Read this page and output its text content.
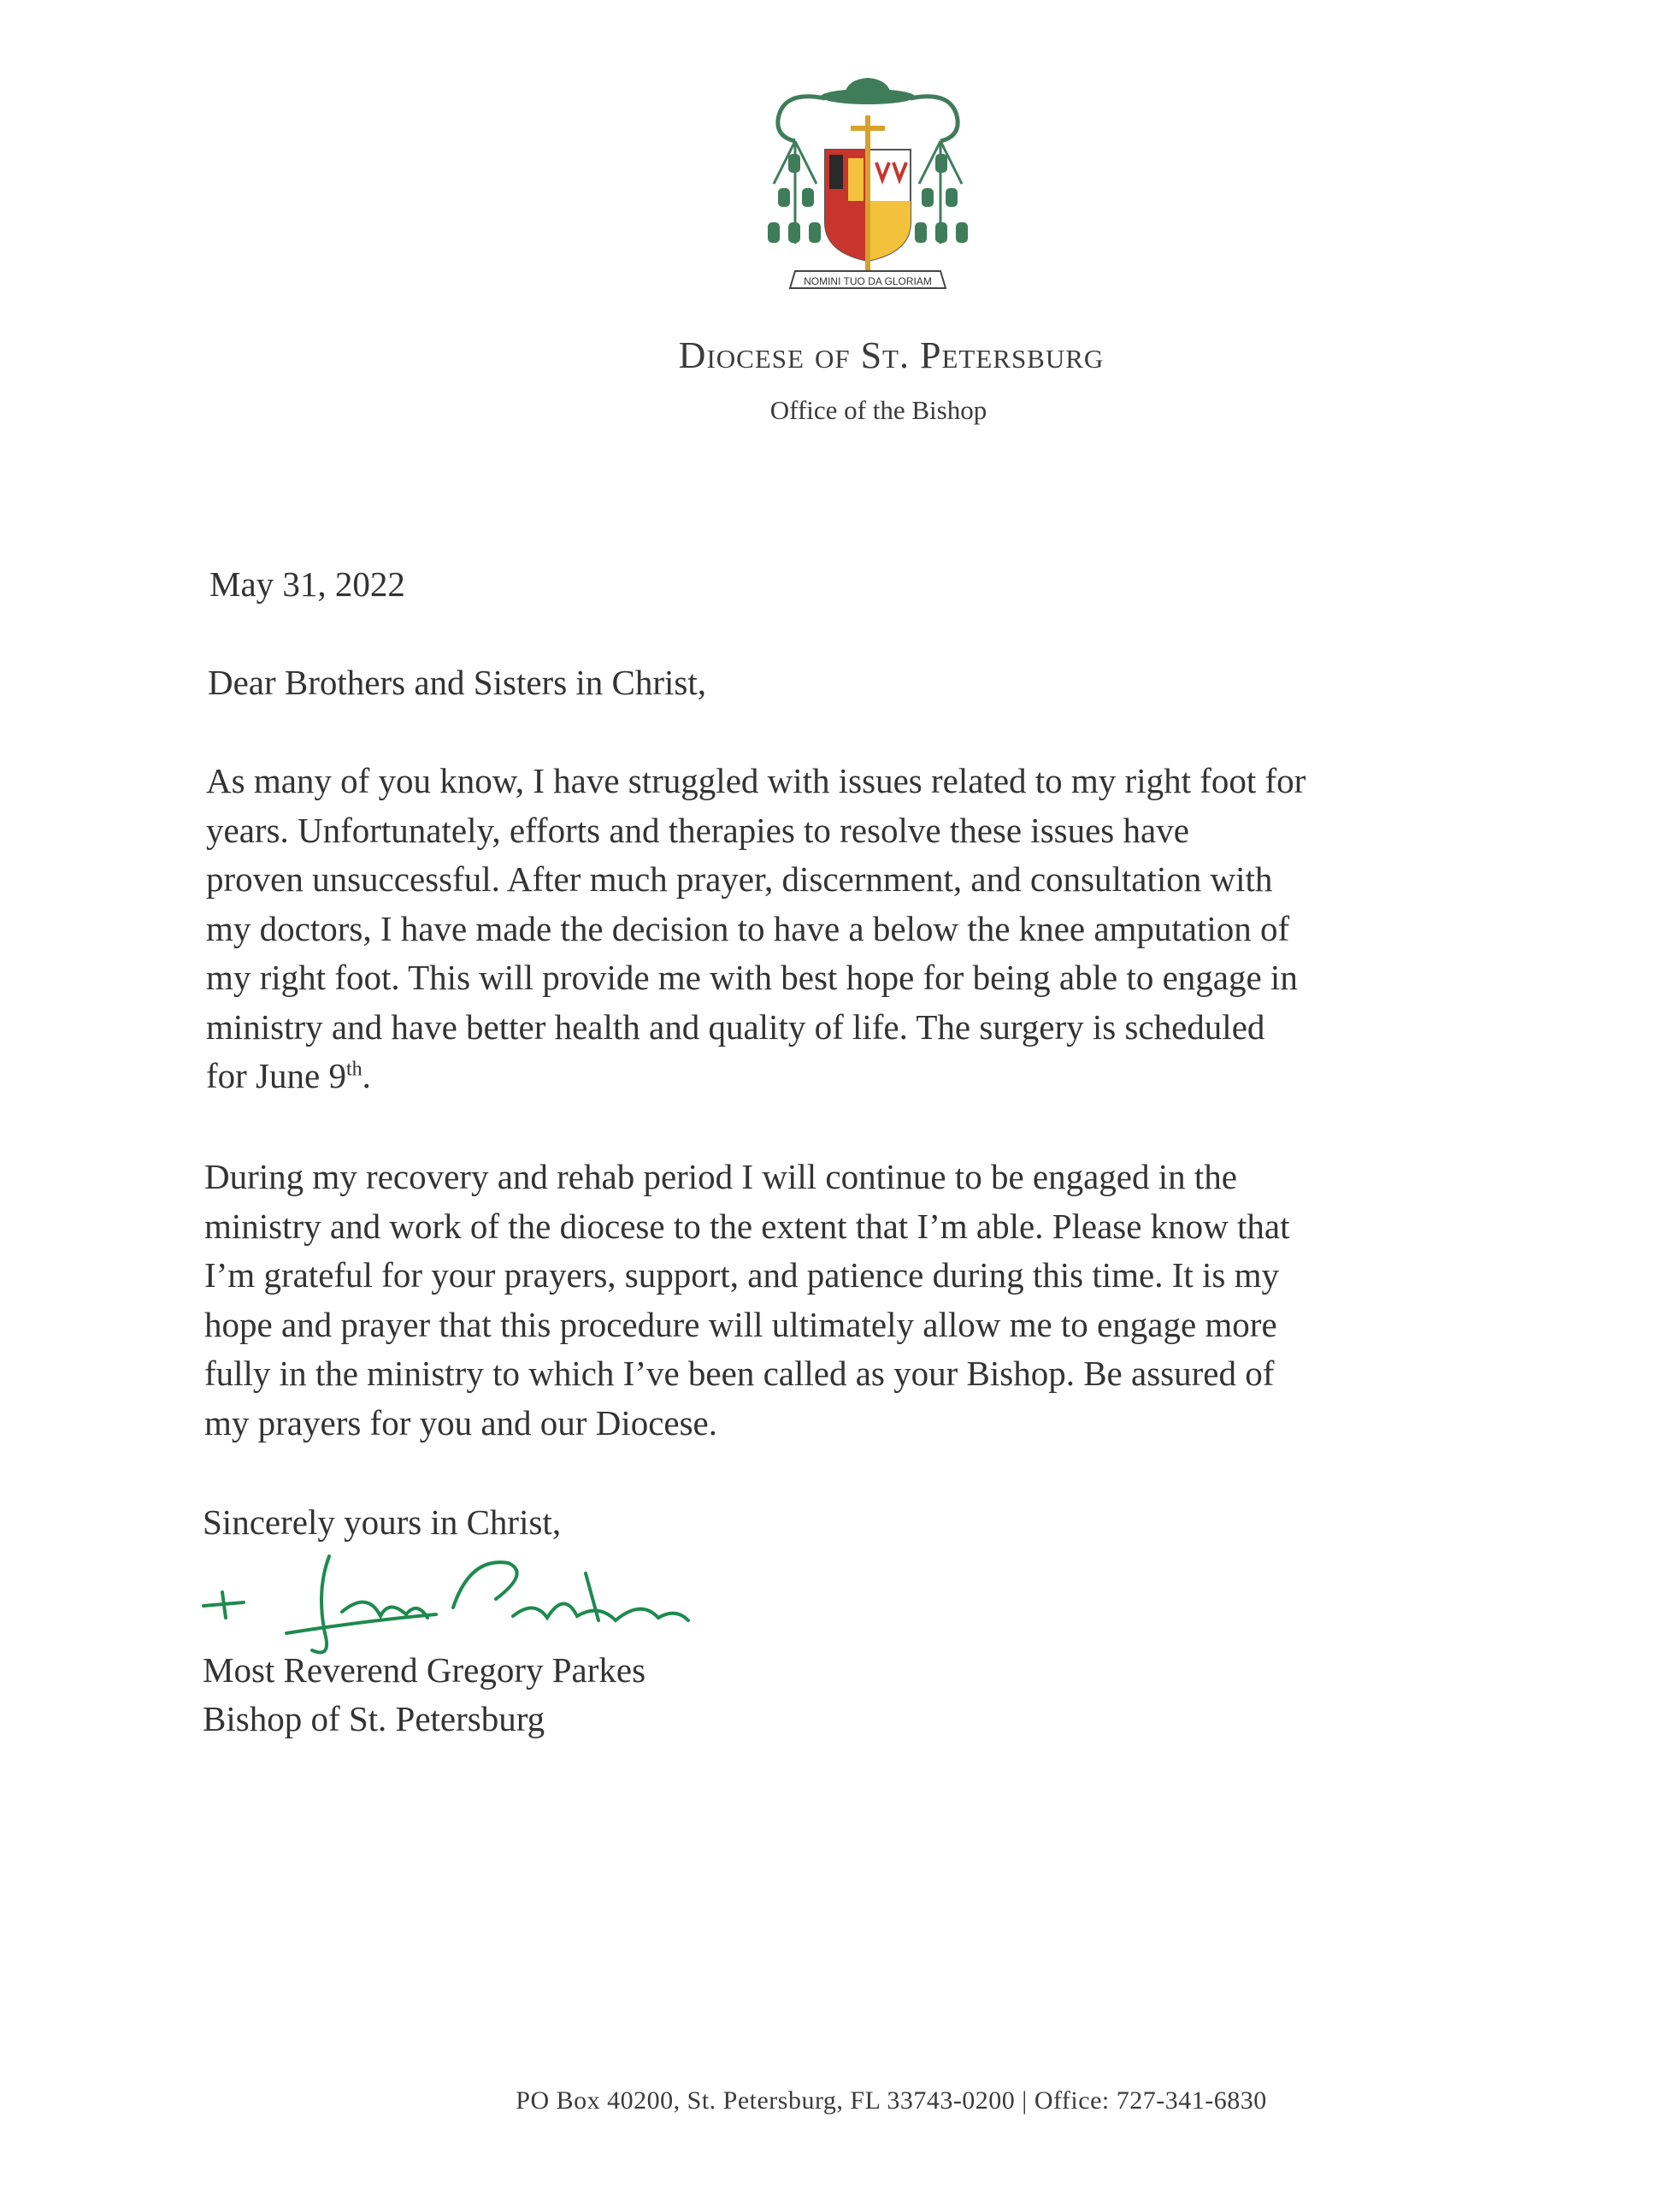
NOMINI TUO DA GLORIAM
Diocese of St. Petersburg
Office of the Bishop
May 31, 2022
Dear Brothers and Sisters in Christ,
As many of you know, I have struggled with issues related to my right foot for
years. Unfortunately, efforts and therapies to resolve these issues have
proven unsuccessful. After much prayer, discernment, and consultation with
my doctors, I have made the decision to have a below the knee amputation of
my right foot. This will provide me with best hope for being able to engage in
ministry and have better health and quality of life. The surgery is scheduled
for June 9th.
During my recovery and rehab period I will continue to be engaged in the
ministry and work of the diocese to the extent that I’m able. Please know that
I’m grateful for your prayers, support, and patience during this time. It is my
hope and prayer that this procedure will ultimately allow me to engage more
fully in the ministry to which I’ve been called as your Bishop. Be assured of
my prayers for you and our Diocese.
Sincerely yours in Christ,
Most Reverend Gregory Parkes
Bishop of St. Petersburg
PO Box 40200, St. Petersburg, FL 33743-0200 | Office: 727-341-6830
